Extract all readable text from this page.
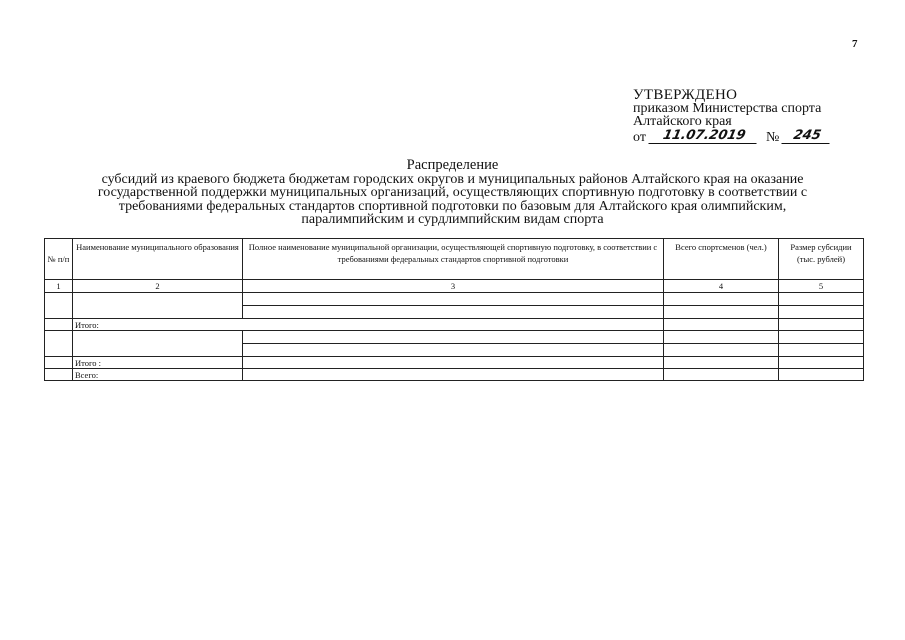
7
УТВЕРЖДЕНО
приказом Министерства спорта
Алтайского края
от	11.07.2019	№	245
Распределение
субсидий из краевого бюджета бюджетам городских округов и муниципальных районов Алтайского края на оказание
государственной поддержки муниципальных организаций, осуществляющих спортивную подготовку в соответствии с
требованиями федеральных стандартов спортивной подготовки по базовым для Алтайского края олимпийским,
паралимпийским и сурдлимпийским видам спорта
№ п/п	Наименование муниципального образования	Полное наименование муниципальной организации, осуществляющей спортивную подготовку, в соответствии с требованиями федеральных стандартов спортивной подготовки	Всего спортсменов (чел.)	Размер субсидии (тыс. рублей)
1	2	3	4	5

	Итого:			

	Итого :			
	Всего:			
